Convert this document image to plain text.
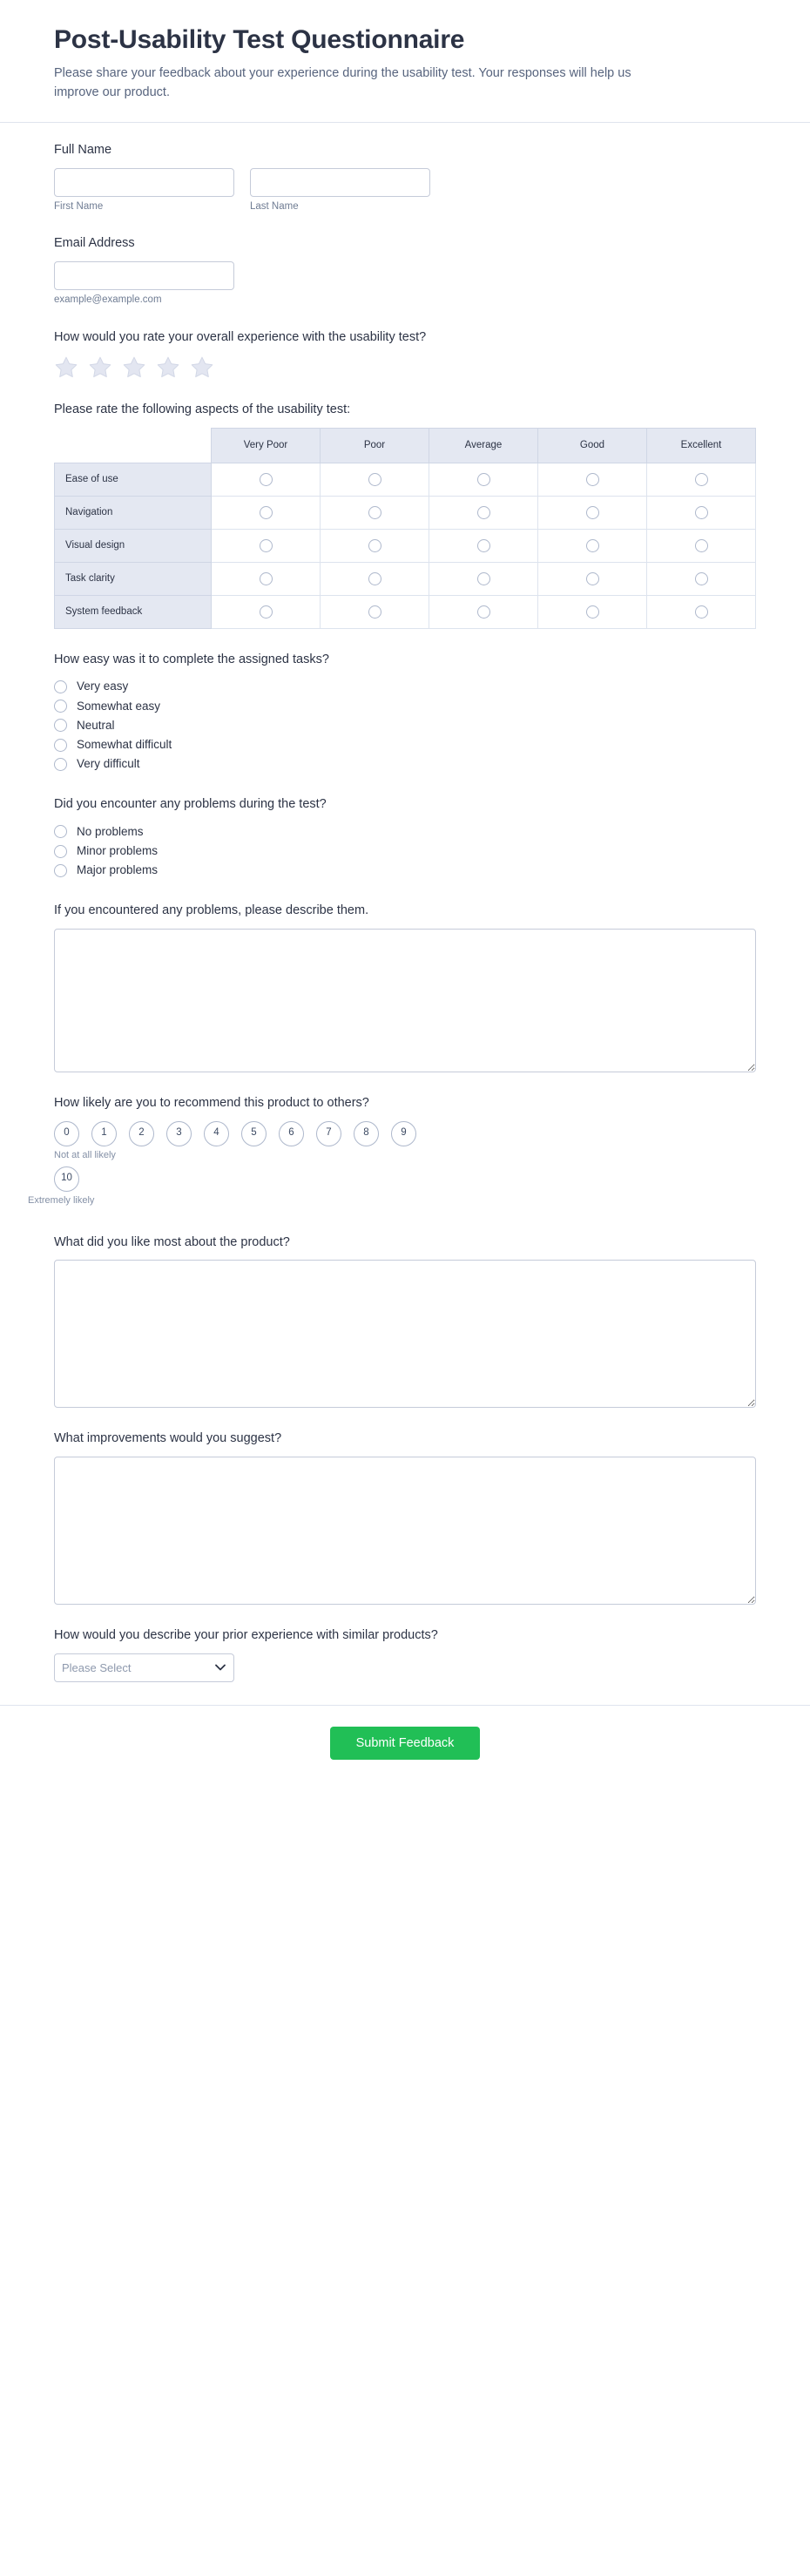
Post-Usability Test Questionnaire

Please share your feedback about your experience during the usability test. Your responses will help us improve our product.

Full Name
First Name	Last Name
Email Address
example@example.com
How would you rate your overall experience with the usability test?
Please rate the following aspects of the usability test:
	Very Poor	Poor	Average	Good	Excellent
Ease of use					
Navigation					
Visual design					
Task clarity					
System feedback					
How easy was it to complete the assigned tasks?
Very easy
Somewhat easy
Neutral
Somewhat difficult
Very difficult
Did you encounter any problems during the test?
No problems
Minor problems
Major problems
If you encountered any problems, please describe them.
How likely are you to recommend this product to others?
0	1	2	3	4	5	6	7	8	9
Not at all likely
10
Extremely likely
What did you like most about the product?
What improvements would you suggest?
How would you describe your prior experience with similar products?
Please Select
Submit Feedback
